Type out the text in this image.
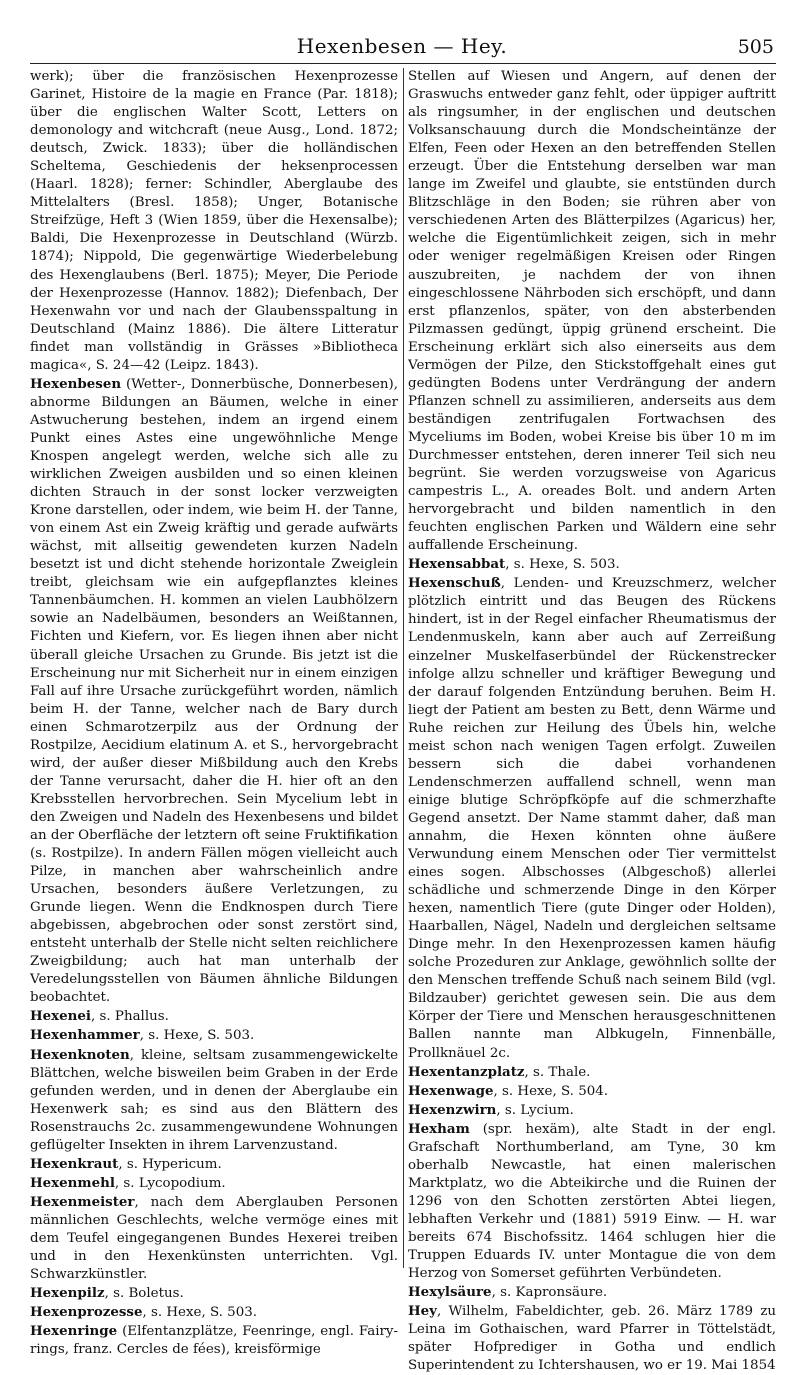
Hexenbesen — Hey.	505

werk); über die französischen Hexenprozesse Garinet, Histoire de la magie en France (Par. 1818); über die englischen Walter Scott, Letters on demonology and witchcraft (neue Ausg., Lond. 1872; deutsch, Zwick. 1833); über die holländischen Scheltema, Geschiedenis der heksenprocessen (Haarl. 1828); ferner: Schindler, Aberglaube des Mittelalters (Bresl. 1858); Unger, Botanische Streifzüge, Heft 3 (Wien 1859, über die Hexensalbe); Baldi, Die Hexenprozesse in Deutschland (Würzb. 1874); Nippold, Die gegenwärtige Wiederbelebung des Hexenglaubens (Berl. 1875); Meyer, Die Periode der Hexenprozesse (Hannov. 1882); Diefenbach, Der Hexenwahn vor und nach der Glaubensspaltung in Deutschland (Mainz 1886). Die ältere Litteratur findet man vollständig in Grässes »Bibliotheca magica«, S. 24—42 (Leipz. 1843).

Hexenbesen (Wetter-, Donnerbüsche, Donnerbesen), abnorme Bildungen an Bäumen, welche in einer Astwucherung bestehen, indem an irgend einem Punkt eines Astes eine ungewöhnliche Menge Knospen angelegt werden, welche sich alle zu wirklichen Zweigen ausbilden und so einen kleinen dichten Strauch in der sonst locker verzweigten Krone darstellen, oder indem, wie beim H. der Tanne, von einem Ast ein Zweig kräftig und gerade aufwärts wächst, mit allseitig gewendeten kurzen Nadeln besetzt ist und dicht stehende horizontale Zweiglein treibt, gleichsam wie ein aufgepflanztes kleines Tannenbäumchen. H. kommen an vielen Laubhölzern sowie an Nadelbäumen, besonders an Weißtannen, Fichten und Kiefern, vor. Es liegen ihnen aber nicht überall gleiche Ursachen zu Grunde. Bis jetzt ist die Erscheinung nur mit Sicherheit nur in einem einzigen Fall auf ihre Ursache zurückgeführt worden, nämlich beim H. der Tanne, welcher nach de Bary durch einen Schmarotzerpilz aus der Ordnung der Rostpilze, Aecidium elatinum A. et S., hervorgebracht wird, der außer dieser Mißbildung auch den Krebs der Tanne verursacht, daher die H. hier oft an den Krebsstellen hervorbrechen. Sein Mycelium lebt in den Zweigen und Nadeln des Hexenbesens und bildet an der Oberfläche der letztern oft seine Fruktifikation (s. Rostpilze). In andern Fällen mögen vielleicht auch Pilze, in manchen aber wahrscheinlich andre Ursachen, besonders äußere Verletzungen, zu Grunde liegen. Wenn die Endknospen durch Tiere abgebissen, abgebrochen oder sonst zerstört sind, entsteht unterhalb der Stelle nicht selten reichlichere Zweigbildung; auch hat man unterhalb der Veredelungsstellen von Bäumen ähnliche Bildungen beobachtet.

Hexenei, s. Phallus.

Hexenhammer, s. Hexe, S. 503.

Hexenknoten, kleine, seltsam zusammengewickelte Blättchen, welche bisweilen beim Graben in der Erde gefunden werden, und in denen der Aberglaube ein Hexenwerk sah; es sind aus den Blättern des Rosenstrauchs 2c. zusammengewundene Wohnungen geflügelter Insekten in ihrem Larvenzustand.

Hexenkraut, s. Hypericum.

Hexenmehl, s. Lycopodium.

Hexenmeister, nach dem Aberglauben Personen männlichen Geschlechts, welche vermöge eines mit dem Teufel eingegangenen Bundes Hexerei treiben und in den Hexenkünsten unterrichten. Vgl. Schwarzkünstler.

Hexenpilz, s. Boletus.

Hexenprozesse, s. Hexe, S. 503.

Hexenringe (Elfentanzplätze, Feenringe, engl. Fairy-rings, franz. Cercles de fées), kreisförmige

Stellen auf Wiesen und Angern, auf denen der Graswuchs entweder ganz fehlt, oder üppiger auftritt als ringsumher, in der englischen und deutschen Volksanschauung durch die Mondscheintänze der Elfen, Feen oder Hexen an den betreffenden Stellen erzeugt. Über die Entstehung derselben war man lange im Zweifel und glaubte, sie entstünden durch Blitzschläge in den Boden; sie rühren aber von verschiedenen Arten des Blätterpilzes (Agaricus) her, welche die Eigentümlichkeit zeigen, sich in mehr oder weniger regelmäßigen Kreisen oder Ringen auszubreiten, je nachdem der von ihnen eingeschlossene Nährboden sich erschöpft, und dann erst pflanzenlos, später, von den absterbenden Pilzmassen gedüngt, üppig grünend erscheint. Die Erscheinung erklärt sich also einerseits aus dem Vermögen der Pilze, den Stickstoffgehalt eines gut gedüngten Bodens unter Verdrängung der andern Pflanzen schnell zu assimilieren, anderseits aus dem beständigen zentrifugalen Fortwachsen des Myceliums im Boden, wobei Kreise bis über 10 m im Durchmesser entstehen, deren innerer Teil sich neu begrünt. Sie werden vorzugsweise von Agaricus campestris L., A. oreades Bolt. und andern Arten hervorgebracht und bilden namentlich in den feuchten englischen Parken und Wäldern eine sehr auffallende Erscheinung.

Hexensabbat, s. Hexe, S. 503.

Hexenschuß, Lenden- und Kreuzschmerz, welcher plötzlich eintritt und das Beugen des Rückens hindert, ist in der Regel einfacher Rheumatismus der Lendenmuskeln, kann aber auch auf Zerreißung einzelner Muskelfaserbündel der Rückenstrecker infolge allzu schneller und kräftiger Bewegung und der darauf folgenden Entzündung beruhen. Beim H. liegt der Patient am besten zu Bett, denn Wärme und Ruhe reichen zur Heilung des Übels hin, welche meist schon nach wenigen Tagen erfolgt. Zuweilen bessern sich die dabei vorhandenen Lendenschmerzen auffallend schnell, wenn man einige blutige Schröpfköpfe auf die schmerzhafte Gegend ansetzt. Der Name stammt daher, daß man annahm, die Hexen könnten ohne äußere Verwundung einem Menschen oder Tier vermittelst eines sogen. Albschosses (Albgeschoß) allerlei schädliche und schmerzende Dinge in den Körper hexen, namentlich Tiere (gute Dinger oder Holden), Haarballen, Nägel, Nadeln und dergleichen seltsame Dinge mehr. In den Hexenprozessen kamen häufig solche Prozeduren zur Anklage, gewöhnlich sollte der den Menschen treffende Schuß nach seinem Bild (vgl. Bildzauber) gerichtet gewesen sein. Die aus dem Körper der Tiere und Menschen herausgeschnittenen Ballen nannte man Albkugeln, Finnenbälle, Prollknäuel 2c.

Hexentanzplatz, s. Thale.

Hexenwage, s. Hexe, S. 504.

Hexenzwirn, s. Lycium.

Hexham (spr. hexäm), alte Stadt in der engl. Grafschaft Northumberland, am Tyne, 30 km oberhalb Newcastle, hat einen malerischen Marktplatz, wo die Abteikirche und die Ruinen der 1296 von den Schotten zerstörten Abtei liegen, lebhaften Verkehr und (1881) 5919 Einw. — H. war bereits 674 Bischofssitz. 1464 schlugen hier die Truppen Eduards IV. unter Montague die von dem Herzog von Somerset geführten Verbündeten.

Hexylsäure, s. Kapronsäure.

Hey, Wilhelm, Fabeldichter, geb. 26. März 1789 zu Leina im Gothaischen, ward Pfarrer in Töttelstädt, später Hofprediger in Gotha und endlich Superintendent zu Ichtershausen, wo er 19. Mai 1854
